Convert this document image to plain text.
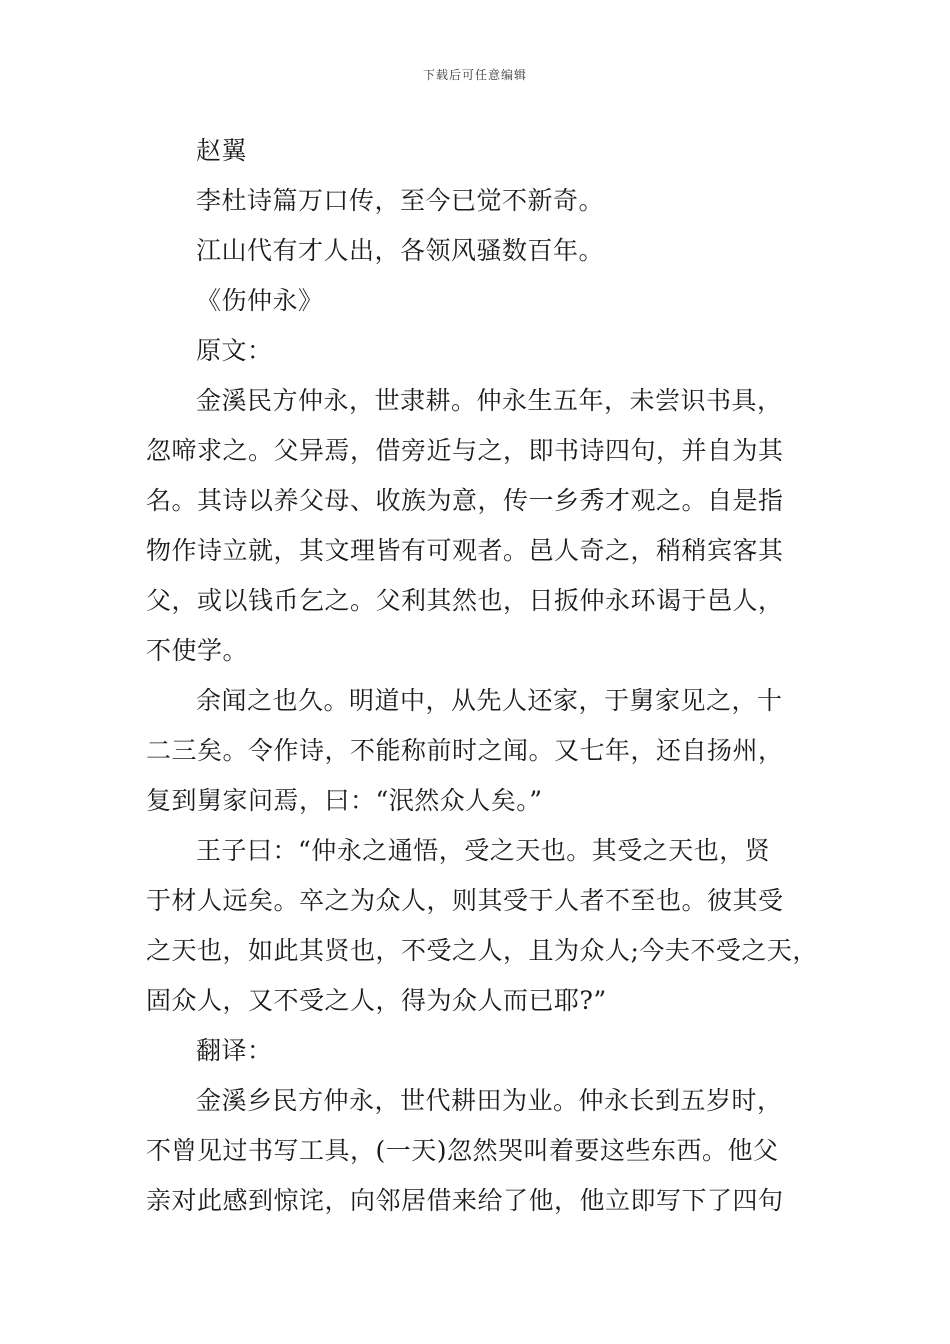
下载后可任意编辑
赵翼
李杜诗篇万口传，至今已觉不新奇。
江山代有才人出，各领风骚数百年。
《伤仲永》
原文：
金溪民方仲永，世隶耕。仲永生五年，未尝识书具，
忽啼求之。父异焉，借旁近与之，即书诗四句，并自为其
名。其诗以养父母、收族为意，传一乡秀才观之。自是指
物作诗立就，其文理皆有可观者。邑人奇之，稍稍宾客其
父，或以钱币乞之。父利其然也，日扳仲永环谒于邑人，
不使学。
余闻之也久。明道中，从先人还家，于舅家见之，十
二三矣。令作诗，不能称前时之闻。又七年，还自扬州，
复到舅家问焉，曰：“泯然众人矣。”
王子曰：“仲永之通悟，受之天也。其受之天也，贤
于材人远矣。卒之为众人，则其受于人者不至也。彼其受
之天也，如此其贤也，不受之人，且为众人;今夫不受之天，
固众人，又不受之人，得为众人而已耶?”
翻译：
金溪乡民方仲永，世代耕田为业。仲永长到五岁时，
不曾见过书写工具，(一天)忽然哭叫着要这些东西。他父
亲对此感到惊诧，向邻居借来给了他，他立即写下了四句
